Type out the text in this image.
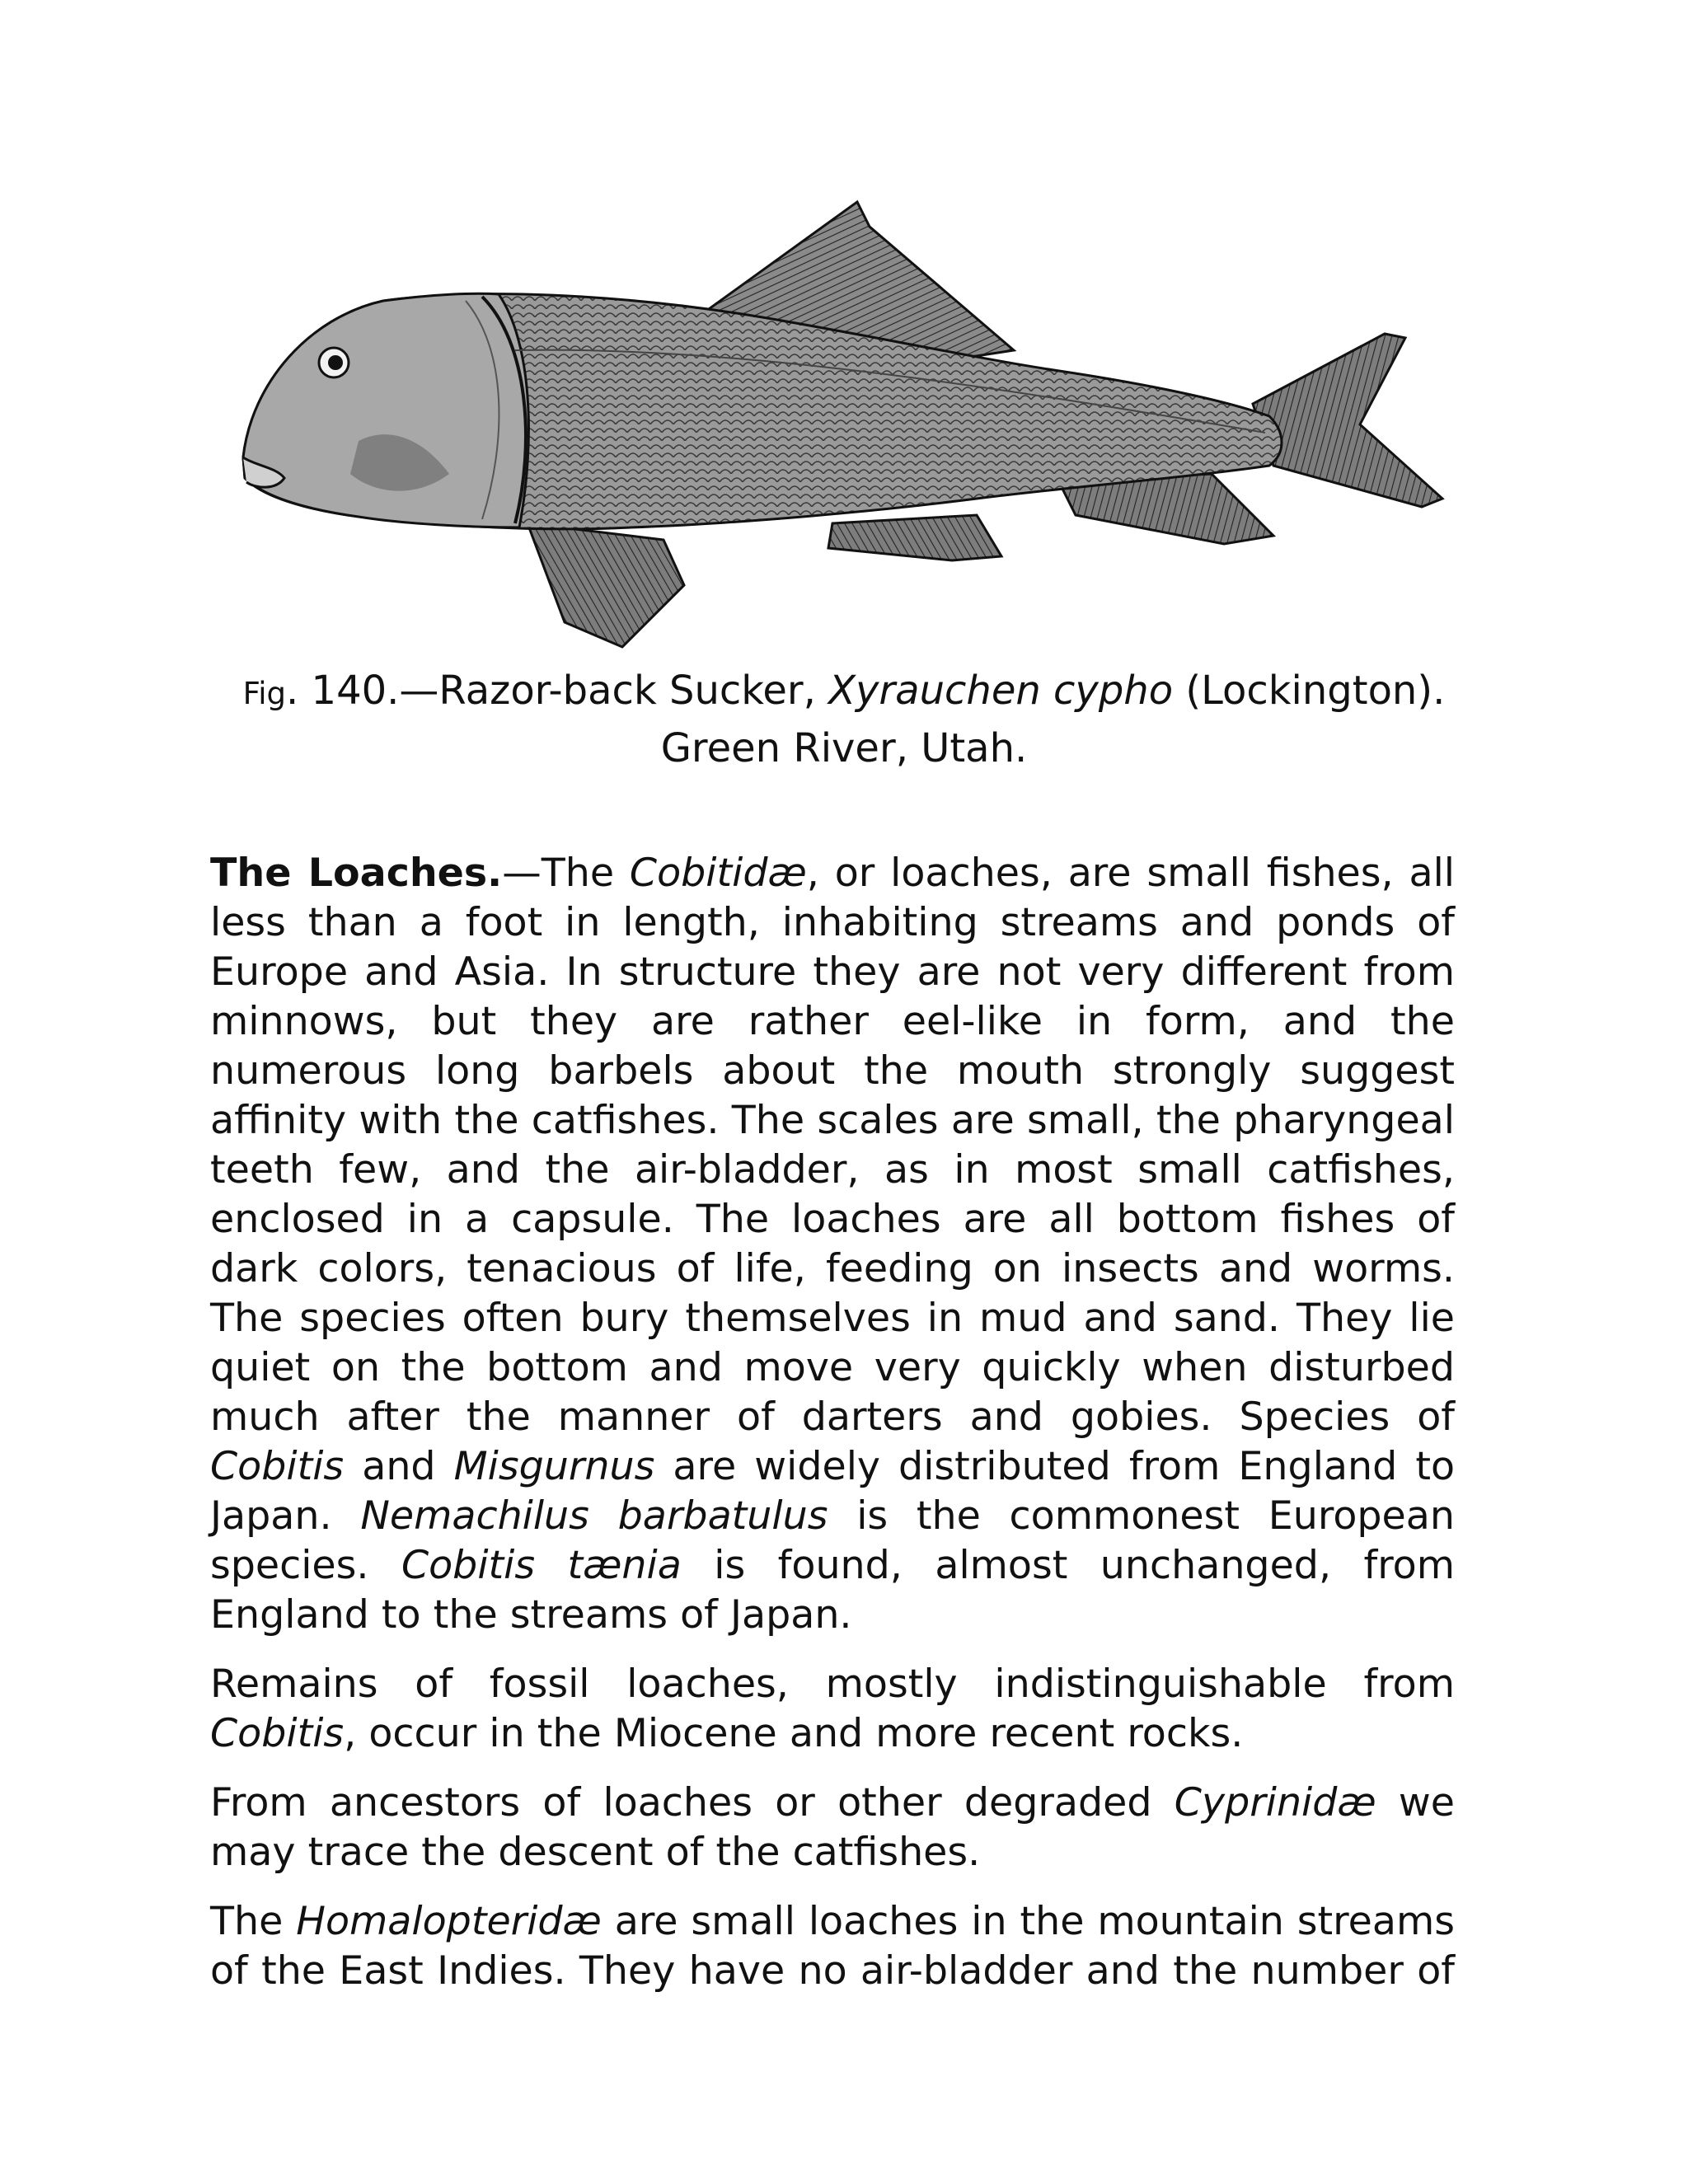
Fig. 140.—Razor-back Sucker, Xyrauchen cypho (Lockington). Green River, Utah.

The Loaches.—The Cobitidæ, or loaches, are small fishes, all less than a foot in length, inhabiting streams and ponds of Europe and Asia. In structure they are not very different from minnows, but they are rather eel-like in form, and the numerous long barbels about the mouth strongly suggest affinity with the catfishes. The scales are small, the pharyngeal teeth few, and the air-bladder, as in most small catfishes, enclosed in a capsule. The loaches are all bottom fishes of dark colors, tenacious of life, feeding on insects and worms. The species often bury themselves in mud and sand. They lie quiet on the bottom and move very quickly when disturbed much after the manner of darters and gobies. Species of Cobitis and Misgurnus are widely distributed from England to Japan. Nemachilus barbatulus is the commonest European species. Cobitis tænia is found, almost unchanged, from England to the streams of Japan.

Remains of fossil loaches, mostly indistinguishable from Cobitis, occur in the Miocene and more recent rocks.

From ancestors of loaches or other degraded Cyprinidæ we may trace the descent of the catfishes.

The Homalopteridæ are small loaches in the mountain streams of the East Indies. They have no air-bladder and the number of
